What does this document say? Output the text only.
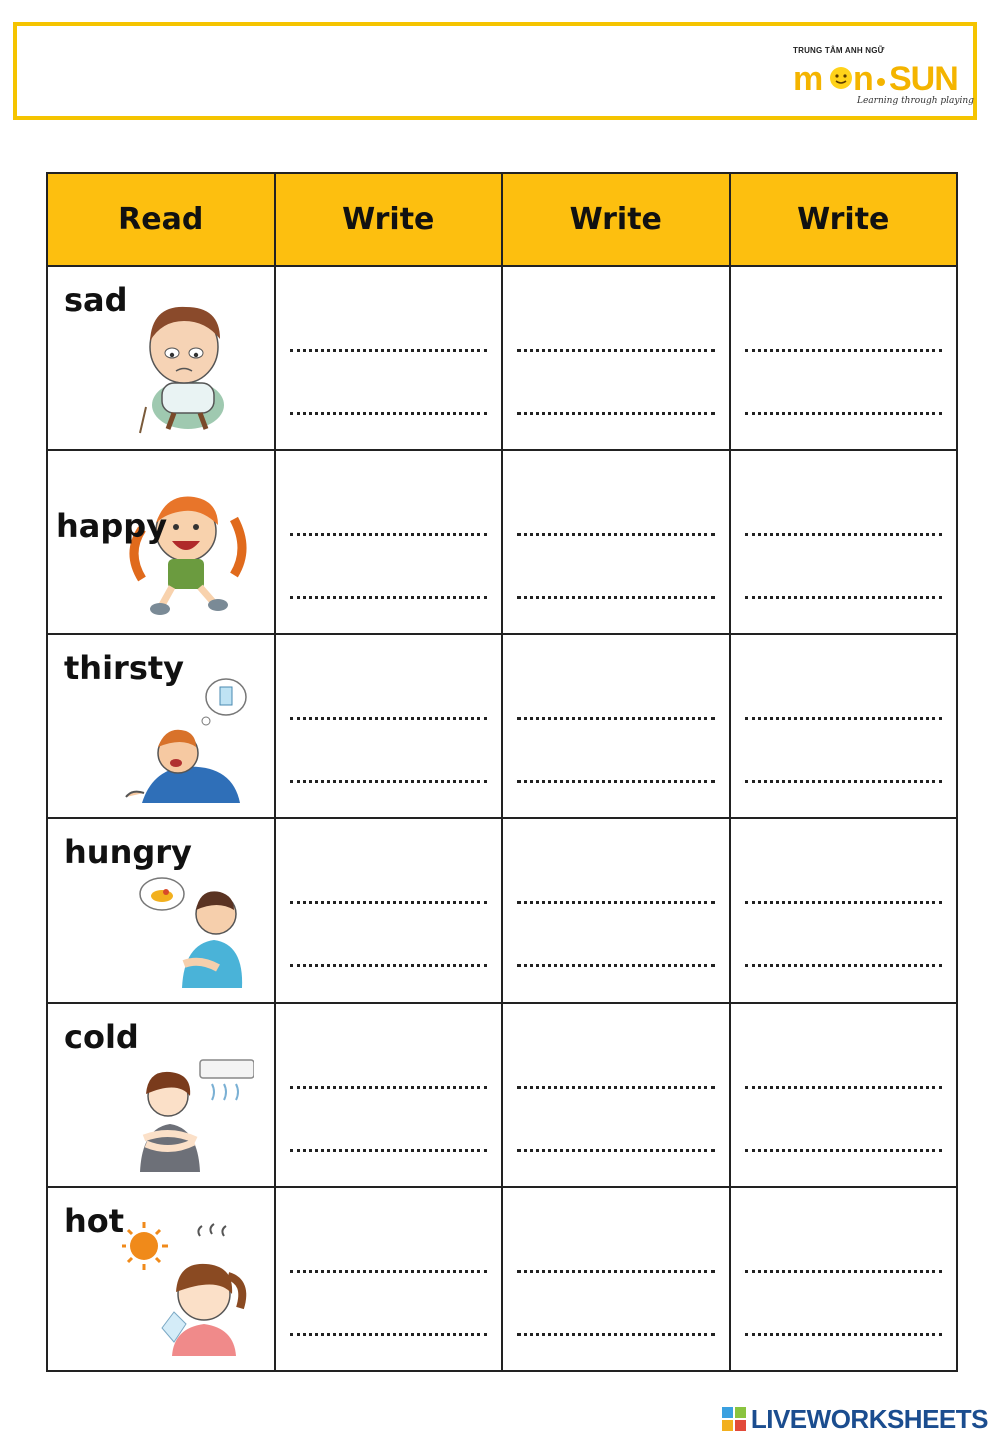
TRUNG TÂM ANH NGỮ
m n SUN
Learning through playing
Read	Write	Write	Write

sad			

happy			

thirsty			

hungry			

cold			

hot			

LIVEWORKSHEETS
